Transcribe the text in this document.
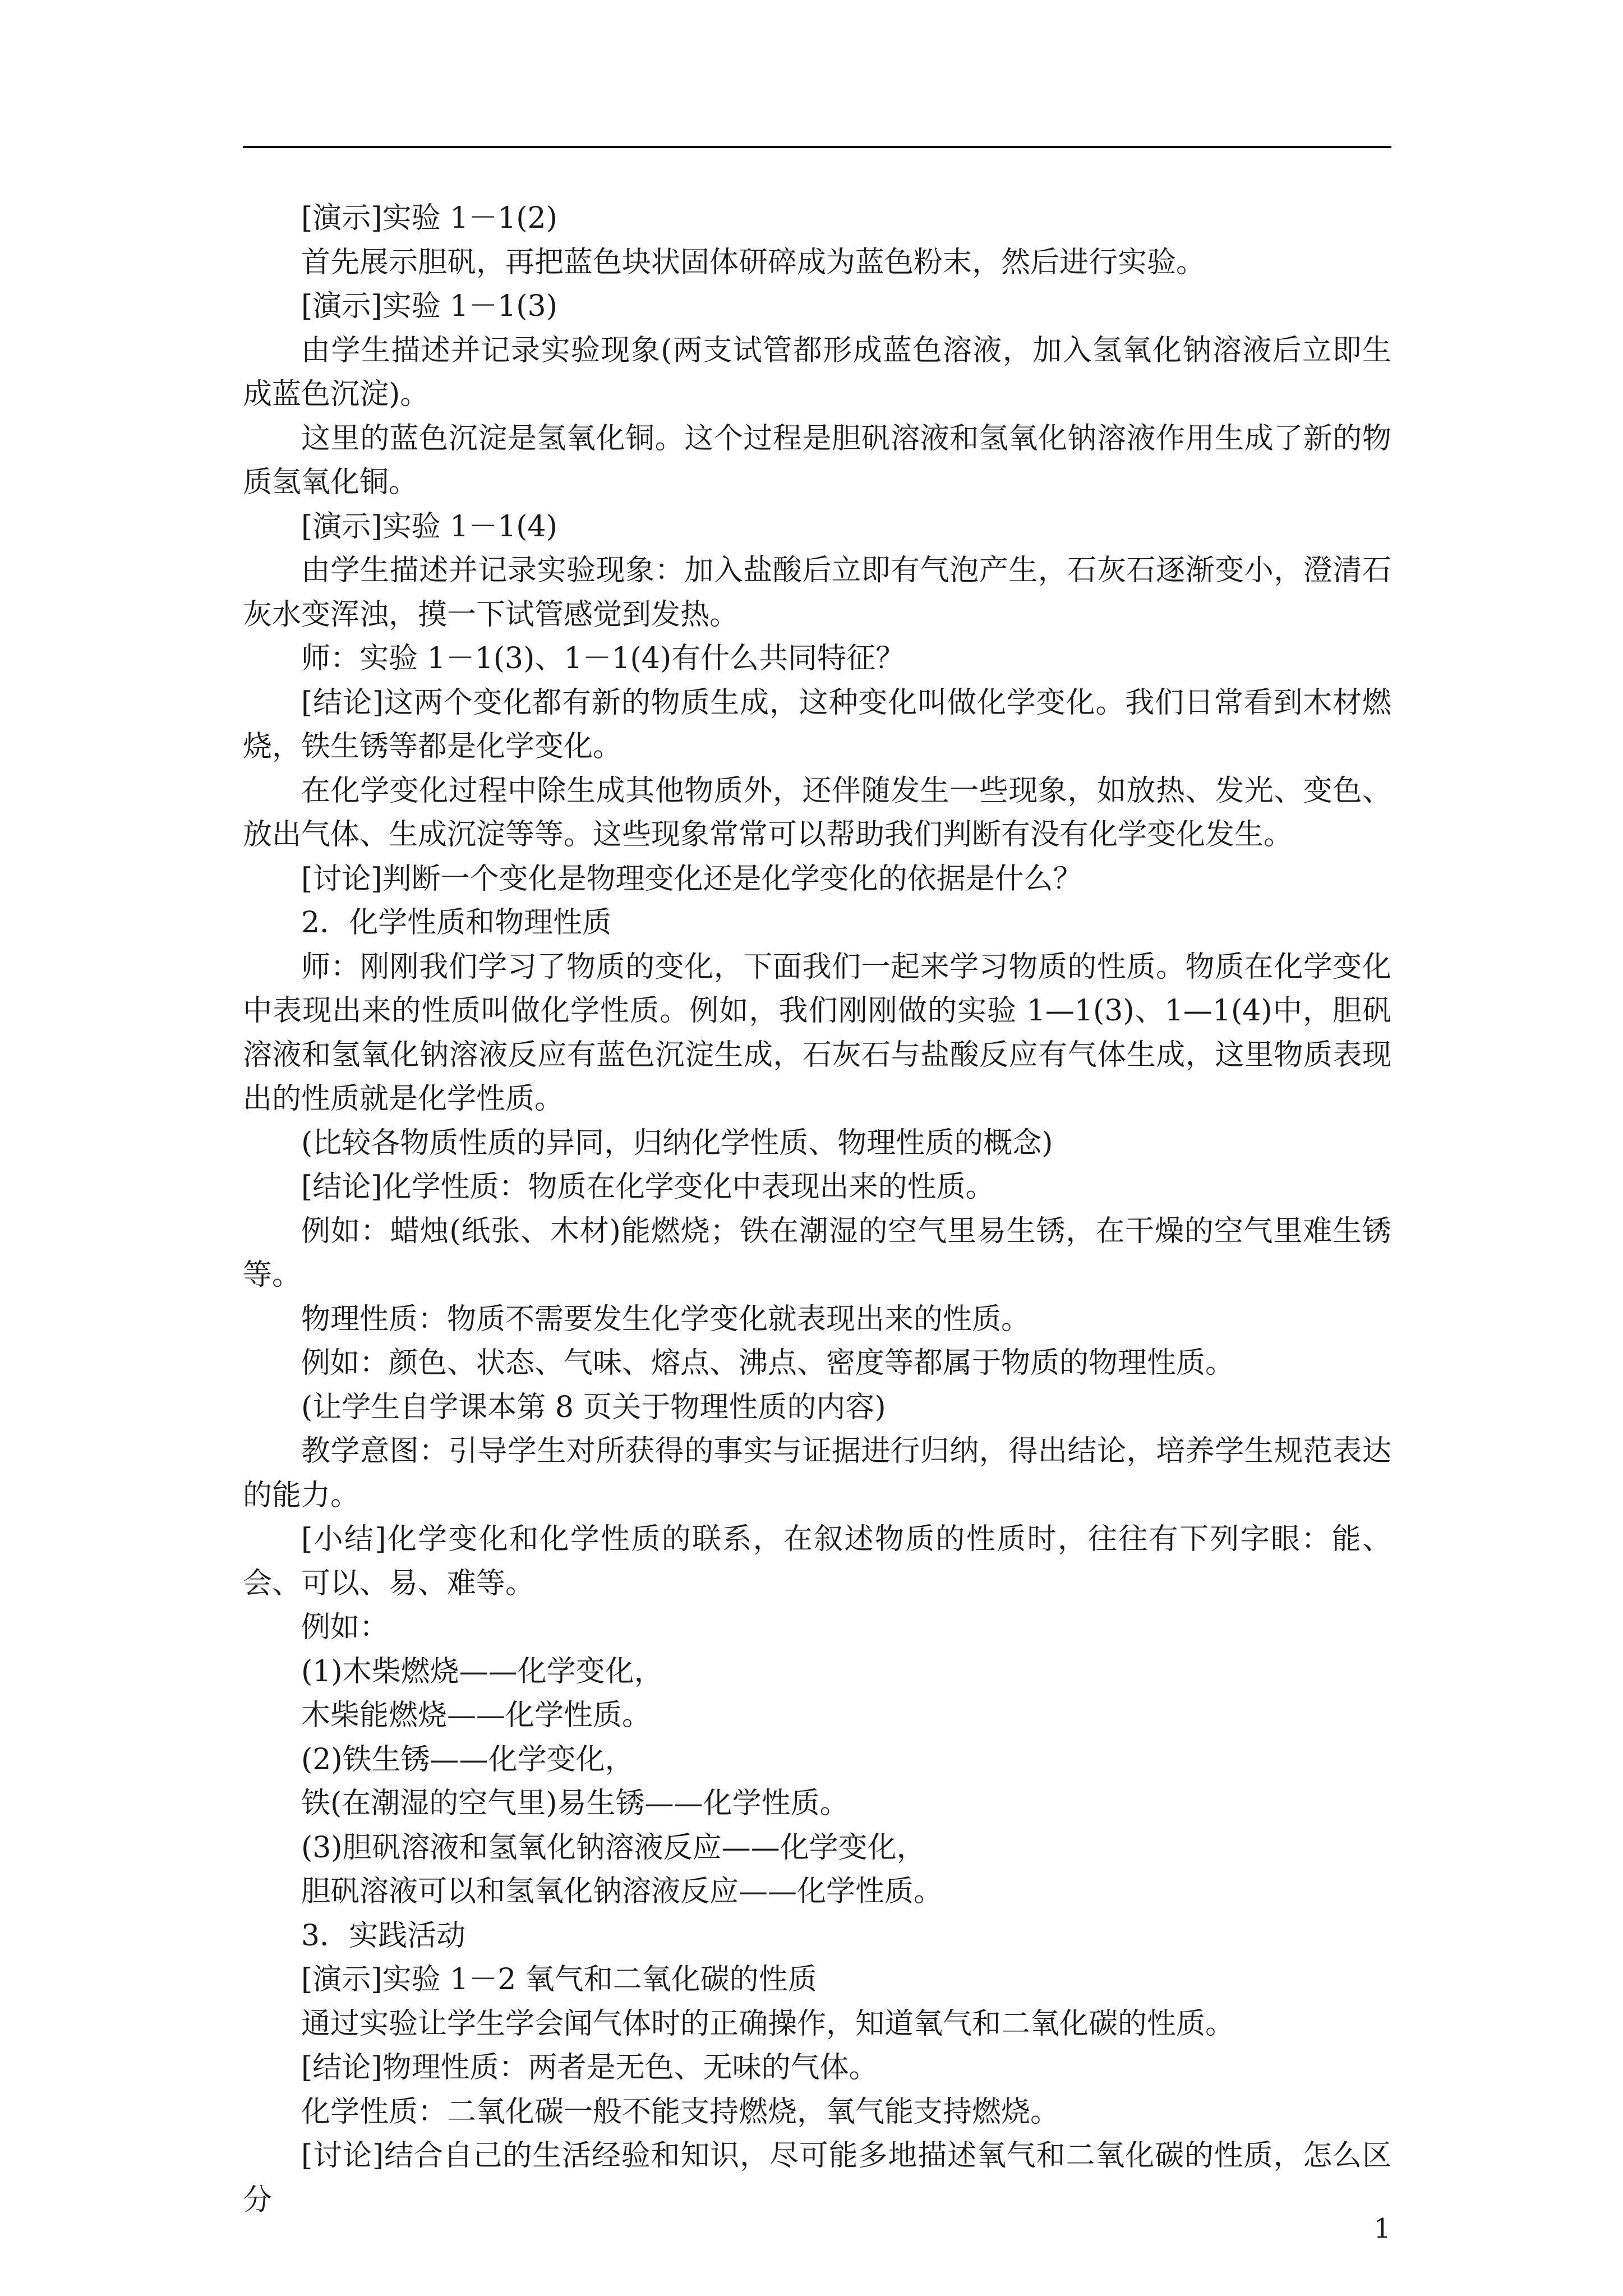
[演示]实验 1－1(2)

首先展示胆矾，再把蓝色块状固体研碎成为蓝色粉末，然后进行实验。

[演示]实验 1－1(3)

由学生描述并记录实验现象(两支试管都形成蓝色溶液，加入氢氧化钠溶液后立即生成蓝色沉淀)。

这里的蓝色沉淀是氢氧化铜。这个过程是胆矾溶液和氢氧化钠溶液作用生成了新的物质氢氧化铜。

[演示]实验 1－1(4)

由学生描述并记录实验现象：加入盐酸后立即有气泡产生，石灰石逐渐变小，澄清石灰水变浑浊，摸一下试管感觉到发热。

师：实验 1－1(3)、1－1(4)有什么共同特征？

[结论]这两个变化都有新的物质生成，这种变化叫做化学变化。我们日常看到木材燃烧，铁生锈等都是化学变化。

在化学变化过程中除生成其他物质外，还伴随发生一些现象，如放热、发光、变色、放出气体、生成沉淀等等。这些现象常常可以帮助我们判断有没有化学变化发生。

[讨论]判断一个变化是物理变化还是化学变化的依据是什么？

2．化学性质和物理性质

师：刚刚我们学习了物质的变化，下面我们一起来学习物质的性质。物质在化学变化中表现出来的性质叫做化学性质。例如，我们刚刚做的实验 1—1(3)、1—1(4)中，胆矾溶液和氢氧化钠溶液反应有蓝色沉淀生成，石灰石与盐酸反应有气体生成，这里物质表现出的性质就是化学性质。

(比较各物质性质的异同，归纳化学性质、物理性质的概念)

[结论]化学性质：物质在化学变化中表现出来的性质。

例如：蜡烛(纸张、木材)能燃烧；铁在潮湿的空气里易生锈，在干燥的空气里难生锈等。

物理性质：物质不需要发生化学变化就表现出来的性质。

例如：颜色、状态、气味、熔点、沸点、密度等都属于物质的物理性质。

(让学生自学课本第 8 页关于物理性质的内容)

教学意图：引导学生对所获得的事实与证据进行归纳，得出结论，培养学生规范表达的能力。

[小结]化学变化和化学性质的联系，在叙述物质的性质时，往往有下列字眼：能、会、可以、易、难等。

例如：

(1)木柴燃烧——化学变化，

木柴能燃烧——化学性质。

(2)铁生锈——化学变化，

铁(在潮湿的空气里)易生锈——化学性质。

(3)胆矾溶液和氢氧化钠溶液反应——化学变化，

胆矾溶液可以和氢氧化钠溶液反应——化学性质。

3．实践活动

[演示]实验 1－2 氧气和二氧化碳的性质

通过实验让学生学会闻气体时的正确操作，知道氧气和二氧化碳的性质。

[结论]物理性质：两者是无色、无味的气体。

化学性质：二氧化碳一般不能支持燃烧，氧气能支持燃烧。

[讨论]结合自己的生活经验和知识，尽可能多地描述氧气和二氧化碳的性质，怎么区分

1
